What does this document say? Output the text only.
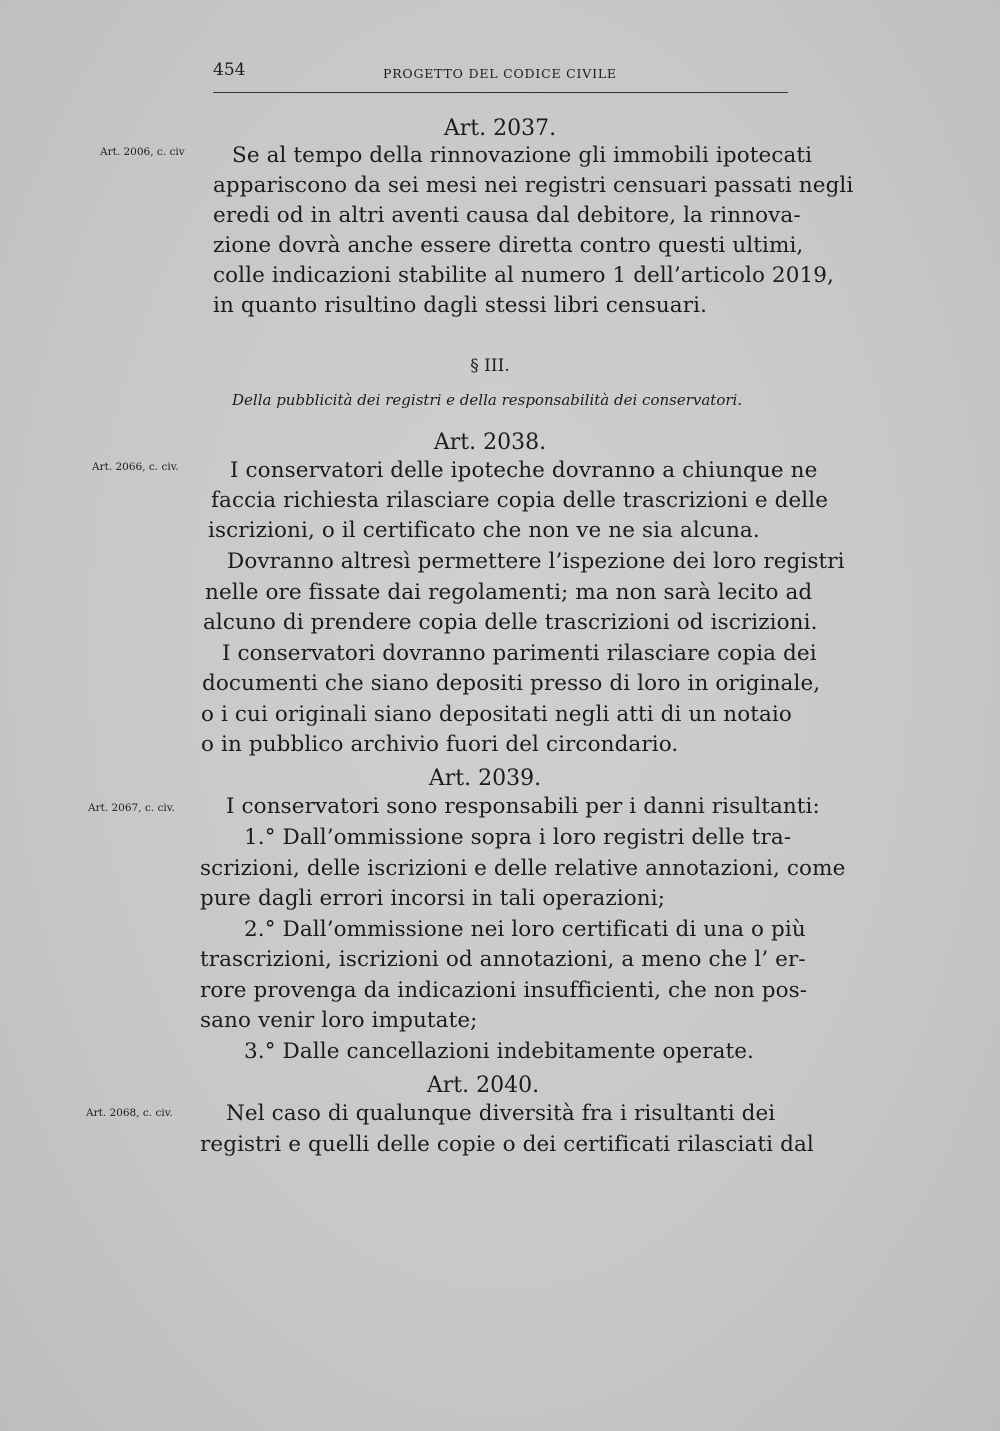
454	PROGETTO DEL CODICE CIVILE
Art. 2037.
Art. 2006, c. civ Se al tempo della rinnovazione gli immobili ipotecati
appariscono da sei mesi nei registri censuari passati negli
eredi od in altri aventi causa dal debitore, la rinnova-
zione dovrà anche essere diretta contro questi ultimi,
colle indicazioni stabilite al numero 1 dell’articolo 2019,
in quanto risultino dagli stessi libri censuari.
§ III.
Della pubblicità dei registri e della responsabilità dei conservatori.
Art. 2038.
Art. 2066, c. civ. I conservatori delle ipoteche dovranno a chiunque ne
faccia richiesta rilasciare copia delle trascrizioni e delle
iscrizioni, o il certificato che non ve ne sia alcuna.
Dovranno altresì permettere l’ispezione dei loro registri
nelle ore fissate dai regolamenti; ma non sarà lecito ad
alcuno di prendere copia delle trascrizioni od iscrizioni.
I conservatori dovranno parimenti rilasciare copia dei
documenti che siano depositi presso di loro in originale,
o i cui originali siano depositati negli atti di un notaio
o in pubblico archivio fuori del circondario.
Art. 2039.
Art. 2067, c. civ. I conservatori sono responsabili per i danni risultanti:
1.° Dall’ommissione sopra i loro registri delle tra-
scrizioni, delle iscrizioni e delle relative annotazioni, come
pure dagli errori incorsi in tali operazioni;
2.° Dall’ommissione nei loro certificati di una o più
trascrizioni, iscrizioni od annotazioni, a meno che l’ er-
rore provenga da indicazioni insufficienti, che non pos-
sano venir loro imputate;
3.° Dalle cancellazioni indebitamente operate.
Art. 2040.
Art. 2068, c. civ. Nel caso di qualunque diversità fra i risultanti dei
registri e quelli delle copie o dei certificati rilasciati dal
